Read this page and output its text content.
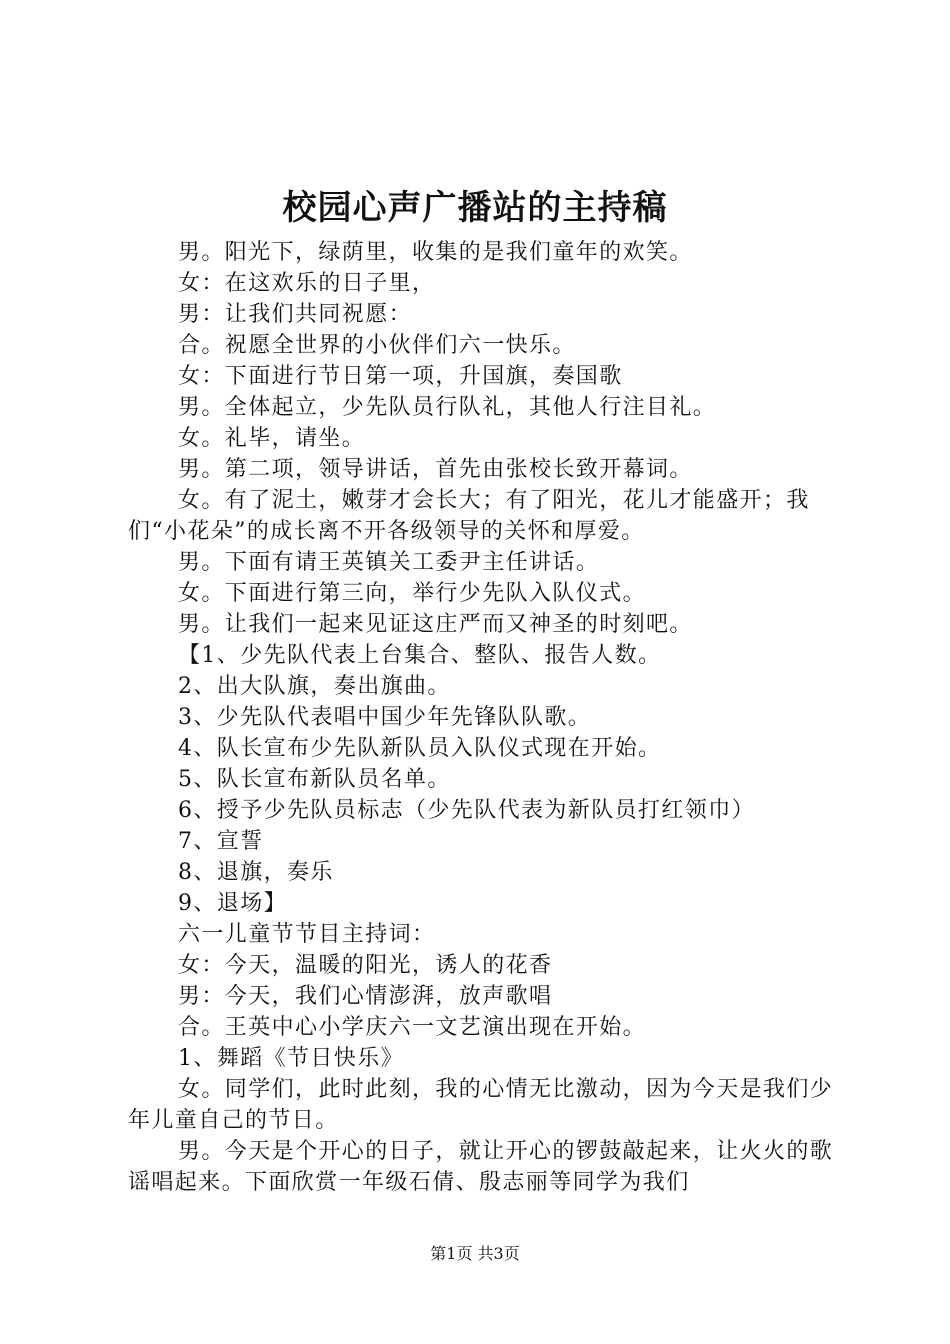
校园心声广播站的主持稿

男。阳光下，绿荫里，收集的是我们童年的欢笑。

女：在这欢乐的日子里，

男：让我们共同祝愿：

合。祝愿全世界的小伙伴们六一快乐。

女：下面进行节日第一项，升国旗，奏国歌

男。全体起立，少先队员行队礼，其他人行注目礼。

女。礼毕，请坐。

男。第二项，领导讲话，首先由张校长致开幕词。

女。有了泥土，嫩芽才会长大；有了阳光，花儿才能盛开；我们“小花朵”的成长离不开各级领导的关怀和厚爱。

男。下面有请王英镇关工委尹主任讲话。

女。下面进行第三向，举行少先队入队仪式。

男。让我们一起来见证这庄严而又神圣的时刻吧。

【1、少先队代表上台集合、整队、报告人数。

2、出大队旗，奏出旗曲。

3、少先队代表唱中国少年先锋队队歌。

4、队长宣布少先队新队员入队仪式现在开始。

5、队长宣布新队员名单。

6、授予少先队员标志（少先队代表为新队员打红领巾）

7、宣誓

8、退旗，奏乐

9、退场】

六一儿童节节目主持词：

女：今天，温暖的阳光，诱人的花香

男：今天，我们心情澎湃，放声歌唱

合。王英中心小学庆六一文艺演出现在开始。

1、舞蹈《节日快乐》

女。同学们，此时此刻，我的心情无比激动，因为今天是我们少年儿童自己的节日。

男。今天是个开心的日子，就让开心的锣鼓敲起来，让火火的歌谣唱起来。下面欣赏一年级石倩、殷志丽等同学为我们

第1页 共3页
